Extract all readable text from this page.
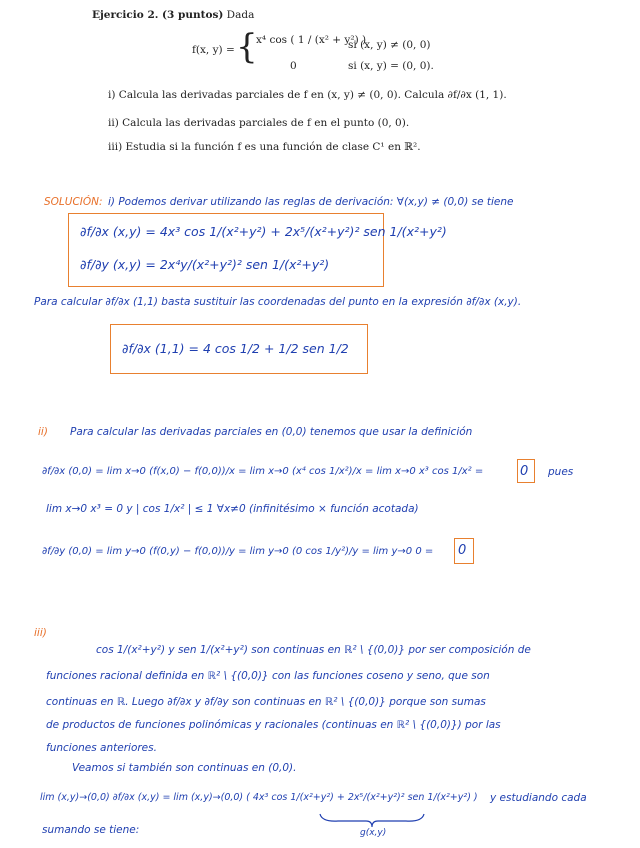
Ejercicio 2. (3 puntos) Dada
f(x, y) = {
x⁴ cos ( 1 / (x² + y²) )
si (x, y) ≠ (0, 0)
0	si (x, y) = (0, 0).
i) Calcula las derivadas parciales de f en (x, y) ≠ (0, 0). Calcula ∂f/∂x (1, 1).
ii) Calcula las derivadas parciales de f en el punto (0, 0).
iii) Estudia si la función f es una función de clase C¹ en ℝ².
SOLUCIÓN: i) Podemos derivar utilizando las reglas de derivación: ∀(x,y) ≠ (0,0) se tiene
∂f/∂x (x,y) = 4x³ cos 1/(x²+y²) + 2x⁵/(x²+y²)² sen 1/(x²+y²)
∂f/∂y (x,y) = 2x⁴y/(x²+y²)² sen 1/(x²+y²)
Para calcular ∂f/∂x (1,1) basta sustituir las coordenadas del punto en la expresión ∂f/∂x (x,y).
∂f/∂x (1,1) = 4 cos 1/2 + 1/2 sen 1/2
ii) Para calcular las derivadas parciales en (0,0) tenemos que usar la definición
∂f/∂x (0,0) = lim x→0 (f(x,0) − f(0,0))/x = lim x→0 (x⁴ cos 1/x²)/x = lim x→0 x³ cos 1/x² =	0 pues
lim x→0 x³ = 0 y | cos 1/x² | ≤ 1 ∀x≠0 (infinitésimo × función acotada)
∂f/∂y (0,0) = lim y→0 (f(0,y) − f(0,0))/y = lim y→0 (0 cos 1/y²)/y = lim y→0 0 = 0
iii)
cos 1/(x²+y²) y sen 1/(x²+y²) son continuas en ℝ² \ {(0,0)} por ser composición de
funciones racional definida en ℝ² \ {(0,0)} con las funciones coseno y seno, que son
continuas en ℝ. Luego ∂f/∂x y ∂f/∂y son continuas en ℝ² \ {(0,0)} porque son sumas
de productos de funciones polinómicas y racionales (continuas en ℝ² \ {(0,0)}) por las
funciones anteriores.
Veamos si también son continuas en (0,0).
lim (x,y)→(0,0) ∂f/∂x (x,y) = lim (x,y)→(0,0) ( 4x³ cos 1/(x²+y²) + 2x⁵/(x²+y²)² sen 1/(x²+y²) ) y estudiando cada
g(x,y)
sumando se tiene:
